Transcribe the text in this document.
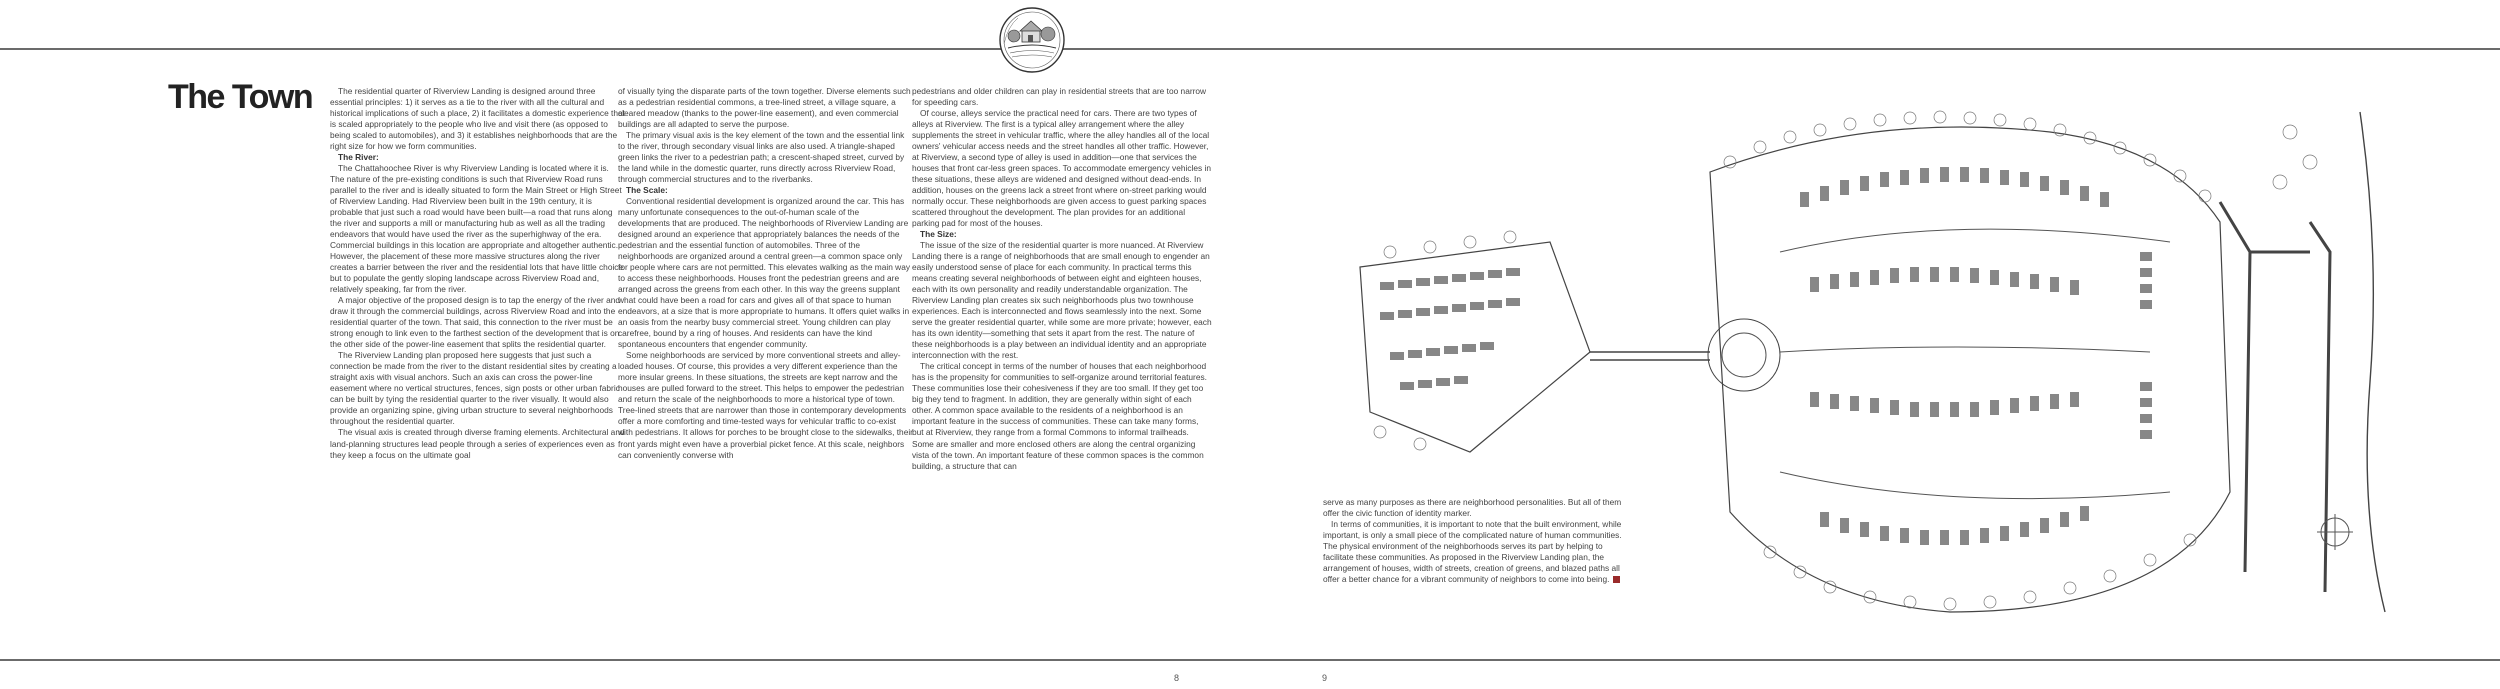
The Town	The residential quarter of Riverview Landing is designed around three essential principles: 1) it serves as a tie to the river with all the cultural and historical implications of such a place, 2) it facilitates a domestic experience that is scaled appropriately to the people who live and visit there (as opposed to being scaled to automobiles), and 3) it establishes neighborhoods that are the right size for how we form communities.

The River:

The Chattahoochee River is why Riverview Landing is located where it is. The nature of the pre-existing conditions is such that Riverview Road runs parallel to the river and is ideally situated to form the Main Street or High Street of Riverview Landing. Had Riverview been built in the 19th century, it is probable that just such a road would have been built—a road that runs along the river and supports a mill or manufacturing hub as well as all the trading endeavors that would have used the river as the superhighway of the era. Commercial buildings in this location are appropriate and altogether authentic. However, the placement of these more massive structures along the river creates a barrier between the river and the residential lots that have little choice but to populate the gently sloping landscape across Riverview Road and, relatively speaking, far from the river.

A major objective of the proposed design is to tap the energy of the river and draw it through the commercial buildings, across Riverview Road and into the residential quarter of the town. That said, this connection to the river must be strong enough to link even to the farthest section of the development that is on the other side of the power-line easement that splits the residential quarter.

The Riverview Landing plan proposed here suggests that just such a connection be made from the river to the distant residential sites by creating a straight axis with visual anchors. Such an axis can cross the power-line easement where no vertical structures, fences, sign posts or other urban fabric can be built by tying the residential quarter to the river visually. It would also provide an organizing spine, giving urban structure to several neighborhoods throughout the residential quarter.

The visual axis is created through diverse framing elements. Architectural and land-planning structures lead people through a series of experiences even as they keep a focus on the ultimate goal

of visually tying the disparate parts of the town together. Diverse elements such as a pedestrian residential commons, a tree-lined street, a village square, a cleared meadow (thanks to the power-line easement), and even commercial buildings are all adapted to serve the purpose.

The primary visual axis is the key element of the town and the essential link to the river, through secondary visual links are also used. A triangle-shaped green links the river to a pedestrian path; a crescent-shaped street, curved by the land while in the domestic quarter, runs directly across Riverview Road, through commercial structures and to the riverbanks.

The Scale:

Conventional residential development is organized around the car. This has many unfortunate consequences to the out-of-human scale of the developments that are produced. The neighborhoods of Riverview Landing are designed around an experience that appropriately balances the needs of the pedestrian and the essential function of automobiles. Three of the neighborhoods are organized around a central green—a common space only for people where cars are not permitted. This elevates walking as the main way to access these neighborhoods. Houses front the pedestrian greens and are arranged across the greens from each other. In this way the greens supplant what could have been a road for cars and gives all of that space to human endeavors, at a size that is more appropriate to humans. It offers quiet walks in an oasis from the nearby busy commercial street. Young children can play carefree, bound by a ring of houses. And residents can have the kind spontaneous encounters that engender community.

Some neighborhoods are serviced by more conventional streets and alley-loaded houses. Of course, this provides a very different experience than the more insular greens. In these situations, the streets are kept narrow and the houses are pulled forward to the street. This helps to empower the pedestrian and return the scale of the neighborhoods to more a historical type of town. Tree-lined streets that are narrower than those in contemporary developments offer a more comforting and time-tested ways for vehicular traffic to co-exist with pedestrians. It allows for porches to be brought close to the sidewalks, their front yards might even have a proverbial picket fence. At this scale, neighbors can conveniently converse with

pedestrians and older children can play in residential streets that are too narrow for speeding cars.

Of course, alleys service the practical need for cars. There are two types of alleys at Riverview. The first is a typical alley arrangement where the alley supplements the street in vehicular traffic, where the alley handles all of the local owners' vehicular access needs and the street handles all other traffic. However, at Riverview, a second type of alley is used in addition—one that services the houses that front car-less green spaces. To accommodate emergency vehicles in these situations, these alleys are widened and designed without dead-ends. In addition, houses on the greens lack a street front where on-street parking would normally occur. These neighborhoods are given access to guest parking spaces scattered throughout the development. The plan provides for an additional parking pad for most of the houses.

The Size:

The issue of the size of the residential quarter is more nuanced. At Riverview Landing there is a range of neighborhoods that are small enough to engender an easily understood sense of place for each community. In practical terms this means creating several neighborhoods of between eight and eighteen houses, each with its own personality and readily understandable organization. The Riverview Landing plan creates six such neighborhoods plus two townhouse experiences. Each is interconnected and flows seamlessly into the next. Some serve the greater residential quarter, while some are more private; however, each has its own identity—something that sets it apart from the rest. The nature of these neighborhoods is a play between an individual identity and an appropriate interconnection with the rest.

The critical concept in terms of the number of houses that each neighborhood has is the propensity for communities to self-organize around territorial features. These communities lose their cohesiveness if they are too small. If they get too big they tend to fragment. In addition, they are generally within sight of each other. A common space available to the residents of a neighborhood is an important feature in the success of communities. These can take many forms, but at Riverview, they range from a formal Commons to informal trailheads. Some are smaller and more enclosed others are along the central organizing vista of the town. An important feature of these common spaces is the common building, a structure that can

serve as many purposes as there are neighborhood personalities. But all of them offer the civic function of identity marker.

In terms of communities, it is important to note that the built environment, while important, is only a small piece of the complicated nature of human communities. The physical environment of the neighborhoods serves its part by helping to facilitate these communities. As proposed in the Riverview Landing plan, the arrangement of houses, width of streets, creation of greens, and blazed paths all offer a better chance for a vibrant community of neighbors to come into being.

8	9
